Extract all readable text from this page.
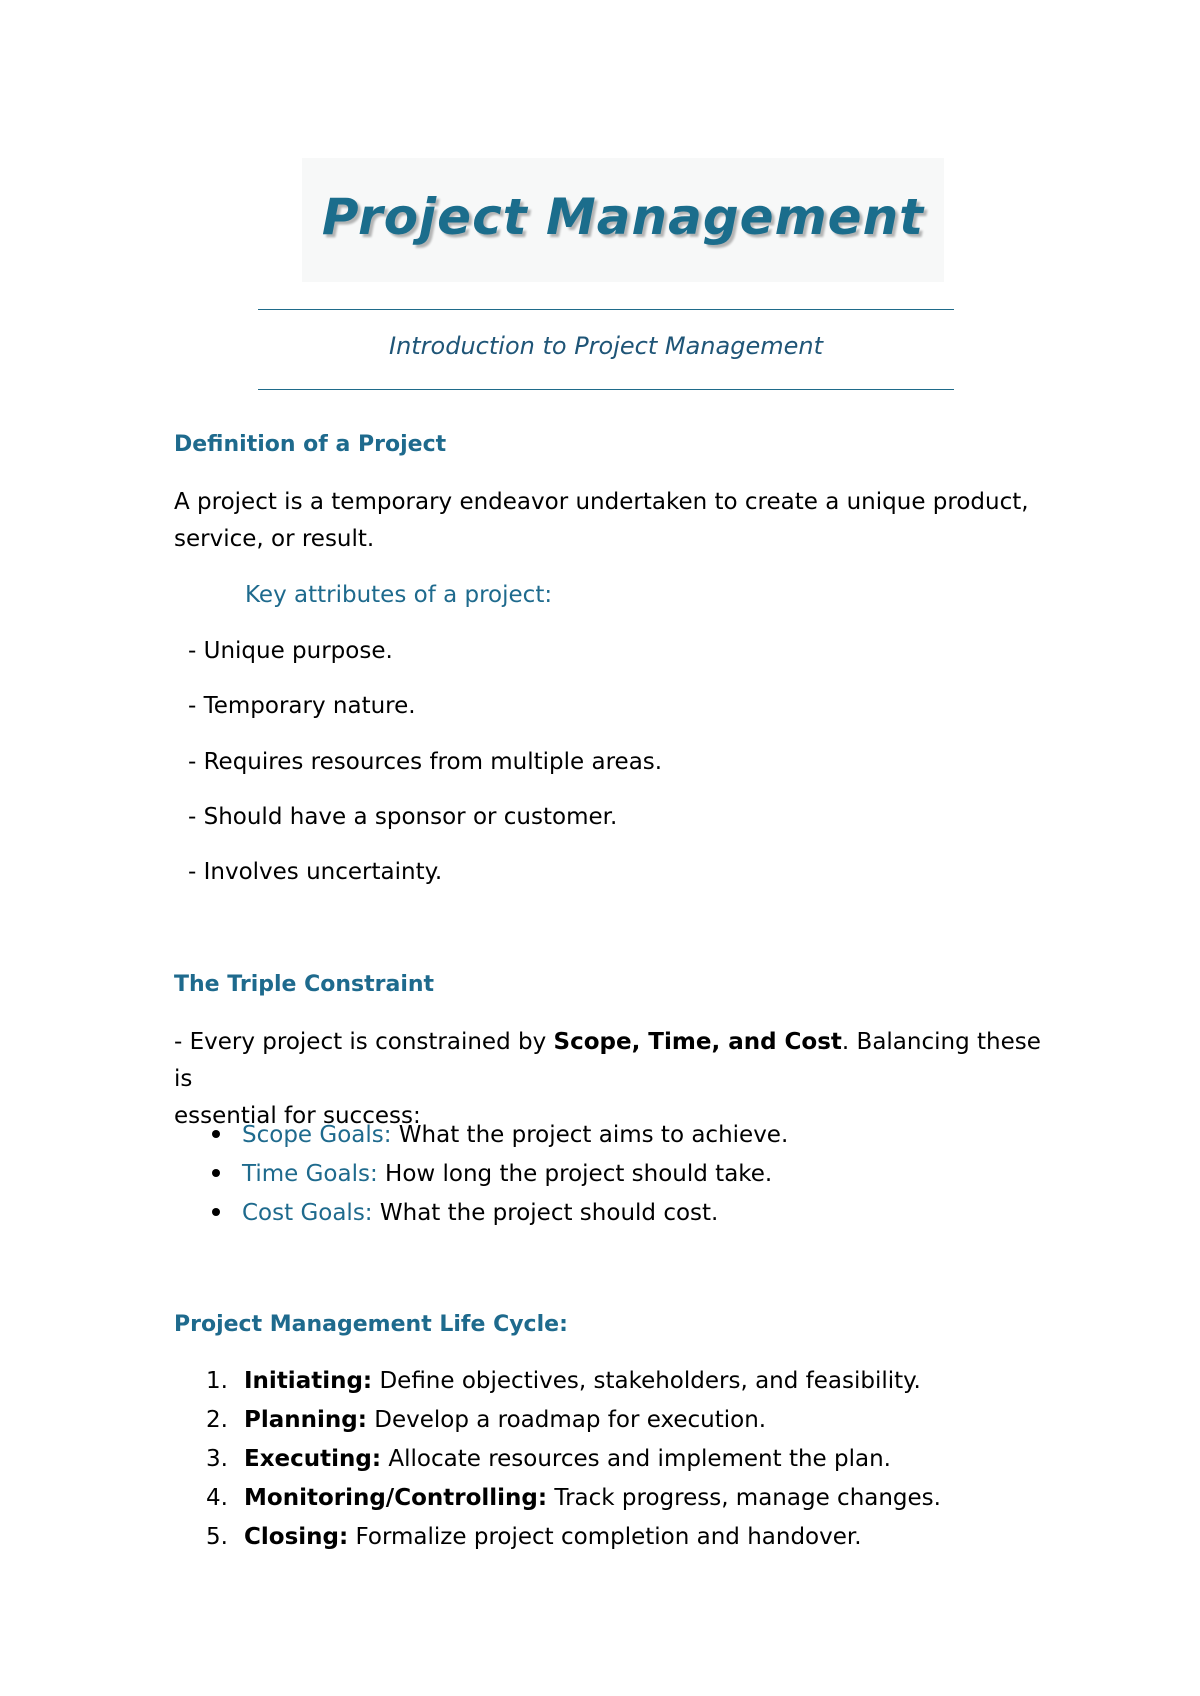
Project Management
Introduction to Project Management
Definition of a Project

A project is a temporary endeavor undertaken to create a unique product,
service, or result.

Key attributes of a project:

- Unique purpose.

- Temporary nature.

- Requires resources from multiple areas.

- Should have a sponsor or customer.

- Involves uncertainty.

The Triple Constraint

- Every project is constrained by Scope, Time, and Cost. Balancing these is
essential for success:

Scope Goals: What the project aims to achieve.
Time Goals: How long the project should take.
Cost Goals: What the project should cost.
Project Management Life Cycle:
1. Initiating: Define objectives, stakeholders, and feasibility.
2. Planning: Develop a roadmap for execution.
3. Executing: Allocate resources and implement the plan.
4. Monitoring/Controlling: Track progress, manage changes.
5. Closing: Formalize project completion and handover.
